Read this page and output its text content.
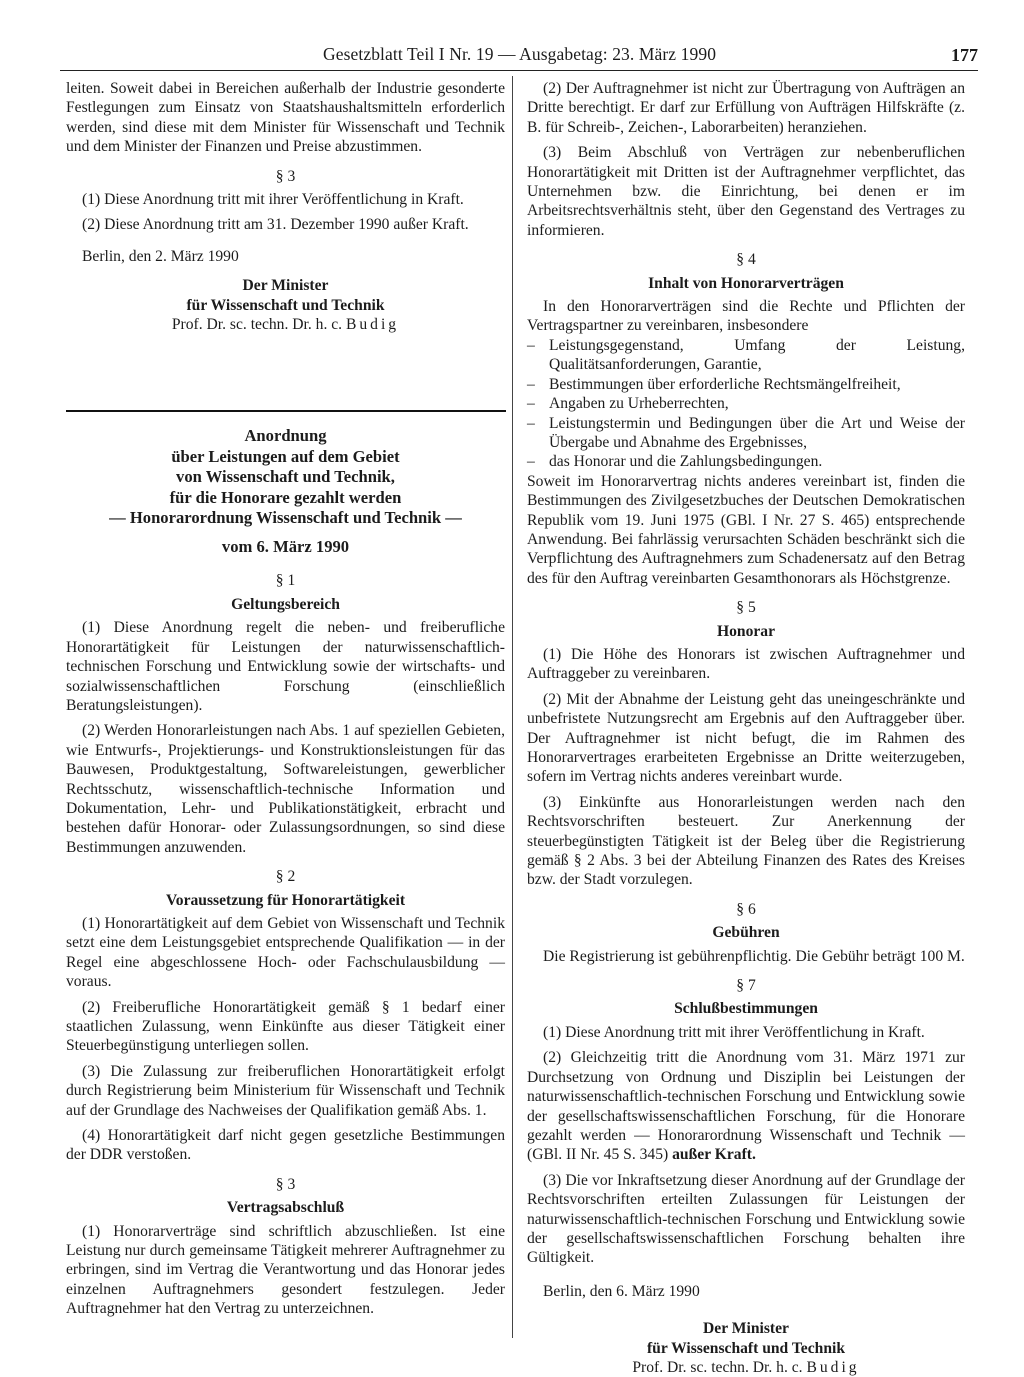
Gesetzblatt Teil I Nr. 19 — Ausgabetag: 23. März 1990	177

leiten. Soweit dabei in Bereichen außerhalb der Industrie gesonderte Festlegungen zum Einsatz von Staatshaushaltsmitteln erforderlich werden, sind diese mit dem Minister für Wissenschaft und Technik und dem Minister der Finanzen und Preise abzustimmen.

§ 3

(1) Diese Anordnung tritt mit ihrer Veröffentlichung in Kraft.

(2) Diese Anordnung tritt am 31. Dezember 1990 außer Kraft.

Berlin, den 2. März 1990

Der Minister

für Wissenschaft und Technik

Prof. Dr. sc. techn. Dr. h. c. Budig

Anordnung

über Leistungen auf dem Gebiet

von Wissenschaft und Technik,

für die Honorare gezahlt werden

— Honorarordnung Wissenschaft und Technik —

vom 6. März 1990

§ 1

Geltungsbereich

(1) Diese Anordnung regelt die neben- und freiberufliche Honorartätigkeit für Leistungen der naturwissenschaftlich-technischen Forschung und Entwicklung sowie der wirtschafts- und sozialwissenschaftlichen Forschung (einschließlich Beratungsleistungen).

(2) Werden Honorarleistungen nach Abs. 1 auf speziellen Gebieten, wie Entwurfs-, Projektierungs- und Konstruktionsleistungen für das Bauwesen, Produktgestaltung, Softwareleistungen, gewerblicher Rechtsschutz, wissenschaftlich-technische Information und Dokumentation, Lehr- und Publikationstätigkeit, erbracht und bestehen dafür Honorar- oder Zulassungsordnungen, so sind diese Bestimmungen anzuwenden.

§ 2

Voraussetzung für Honorartätigkeit

(1) Honorartätigkeit auf dem Gebiet von Wissenschaft und Technik setzt eine dem Leistungsgebiet entsprechende Qualifikation — in der Regel eine abgeschlossene Hoch- oder Fachschulausbildung — voraus.

(2) Freiberufliche Honorartätigkeit gemäß § 1 bedarf einer staatlichen Zulassung, wenn Einkünfte aus dieser Tätigkeit einer Steuerbegünstigung unterliegen sollen.

(3) Die Zulassung zur freiberuflichen Honorartätigkeit erfolgt durch Registrierung beim Ministerium für Wissenschaft und Technik auf der Grundlage des Nachweises der Qualifikation gemäß Abs. 1.

(4) Honorartätigkeit darf nicht gegen gesetzliche Bestimmungen der DDR verstoßen.

§ 3

Vertragsabschluß

(1) Honorarverträge sind schriftlich abzuschließen. Ist eine Leistung nur durch gemeinsame Tätigkeit mehrerer Auftragnehmer zu erbringen, sind im Vertrag die Verantwortung und das Honorar jedes einzelnen Auftragnehmers gesondert festzulegen. Jeder Auftragnehmer hat den Vertrag zu unterzeichnen.

(2) Der Auftragnehmer ist nicht zur Übertragung von Aufträgen an Dritte berechtigt. Er darf zur Erfüllung von Aufträgen Hilfskräfte (z. B. für Schreib-, Zeichen-, Laborarbeiten) heranziehen.

(3) Beim Abschluß von Verträgen zur nebenberuflichen Honorartätigkeit mit Dritten ist der Auftragnehmer verpflichtet, das Unternehmen bzw. die Einrichtung, bei denen er im Arbeitsrechtsverhältnis steht, über den Gegenstand des Vertrages zu informieren.

§ 4

Inhalt von Honorarverträgen

In den Honorarverträgen sind die Rechte und Pflichten der Vertragspartner zu vereinbaren, insbesondere

– Leistungsgegenstand, Umfang der Leistung, Qualitätsanforderungen, Garantie,
– Bestimmungen über erforderliche Rechtsmängelfreiheit,
– Angaben zu Urheberrechten,
– Leistungstermin und Bedingungen über die Art und Weise der Übergabe und Abnahme des Ergebnisses,
– das Honorar und die Zahlungsbedingungen.

Soweit im Honorarvertrag nichts anderes vereinbart ist, finden die Bestimmungen des Zivilgesetzbuches der Deutschen Demokratischen Republik vom 19. Juni 1975 (GBl. I Nr. 27 S. 465) entsprechende Anwendung. Bei fahrlässig verursachten Schäden beschränkt sich die Verpflichtung des Auftragnehmers zum Schadenersatz auf den Betrag des für den Auftrag vereinbarten Gesamthonorars als Höchstgrenze.

§ 5

Honorar

(1) Die Höhe des Honorars ist zwischen Auftragnehmer und Auftraggeber zu vereinbaren.

(2) Mit der Abnahme der Leistung geht das uneingeschränkte und unbefristete Nutzungsrecht am Ergebnis auf den Auftraggeber über. Der Auftragnehmer ist nicht befugt, die im Rahmen des Honorarvertrages erarbeiteten Ergebnisse an Dritte weiterzugeben, sofern im Vertrag nichts anderes vereinbart wurde.

(3) Einkünfte aus Honorarleistungen werden nach den Rechtsvorschriften besteuert. Zur Anerkennung der steuerbegünstigten Tätigkeit ist der Beleg über die Registrierung gemäß § 2 Abs. 3 bei der Abteilung Finanzen des Rates des Kreises bzw. der Stadt vorzulegen.

§ 6

Gebühren

Die Registrierung ist gebührenpflichtig. Die Gebühr beträgt 100 M.

§ 7

Schlußbestimmungen

(1) Diese Anordnung tritt mit ihrer Veröffentlichung in Kraft.

(2) Gleichzeitig tritt die Anordnung vom 31. März 1971 zur Durchsetzung von Ordnung und Disziplin bei Leistungen der naturwissenschaftlich-technischen Forschung und Entwicklung sowie der gesellschaftswissenschaftlichen Forschung, für die Honorare gezahlt werden — Honorarordnung Wissenschaft und Technik — (GBl. II Nr. 45 S. 345) außer Kraft.

(3) Die vor Inkraftsetzung dieser Anordnung auf der Grundlage der Rechtsvorschriften erteilten Zulassungen für Leistungen der naturwissenschaftlich-technischen Forschung und Entwicklung sowie der gesellschaftswissenschaftlichen Forschung behalten ihre Gültigkeit.

Berlin, den 6. März 1990

Der Minister

für Wissenschaft und Technik

Prof. Dr. sc. techn. Dr. h. c. Budig
